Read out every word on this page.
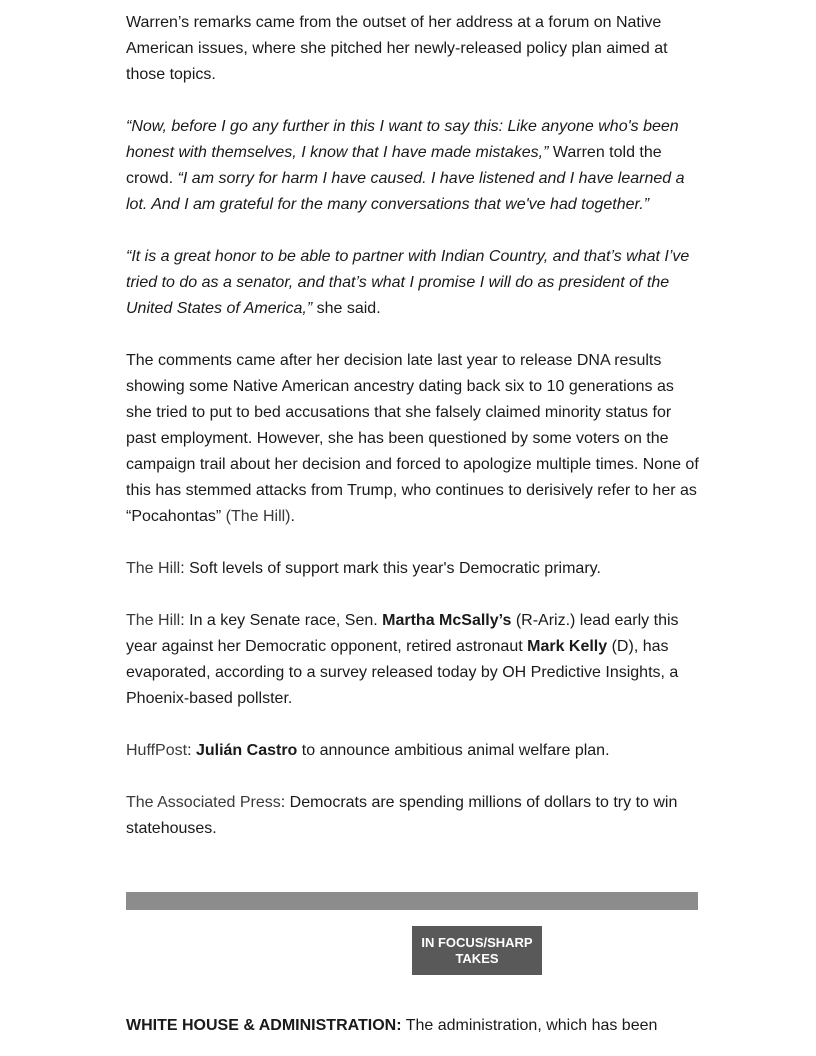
Warren’s remarks came from the outset of her address at a forum on Native American issues, where she pitched her newly-released policy plan aimed at those topics.

“Now, before I go any further in this I want to say this: Like anyone who's been honest with themselves, I know that I have made mistakes,” Warren told the crowd. “I am sorry for harm I have caused. I have listened and I have learned a lot. And I am grateful for the many conversations that we've had together.”

“It is a great honor to be able to partner with Indian Country, and that’s what I’ve tried to do as a senator, and that’s what I promise I will do as president of the United States of America,” she said.

The comments came after her decision late last year to release DNA results showing some Native American ancestry dating back six to 10 generations as she tried to put to bed accusations that she falsely claimed minority status for past employment. However, she has been questioned by some voters on the campaign trail about her decision and forced to apologize multiple times. None of this has stemmed attacks from Trump, who continues to derisively refer to her as “Pocahontas” (The Hill).

The Hill: Soft levels of support mark this year's Democratic primary.

The Hill: In a key Senate race, Sen. Martha McSally’s (R-Ariz.) lead early this year against her Democratic opponent, retired astronaut Mark Kelly (D), has evaporated, according to a survey released today by OH Predictive Insights, a Phoenix-based pollster.

HuffPost: Julián Castro to announce ambitious animal welfare plan.

The Associated Press: Democrats are spending millions of dollars to try to win statehouses.

IN FOCUS/SHARP TAKES
WHITE HOUSE & ADMINISTRATION: The administration, which has been
